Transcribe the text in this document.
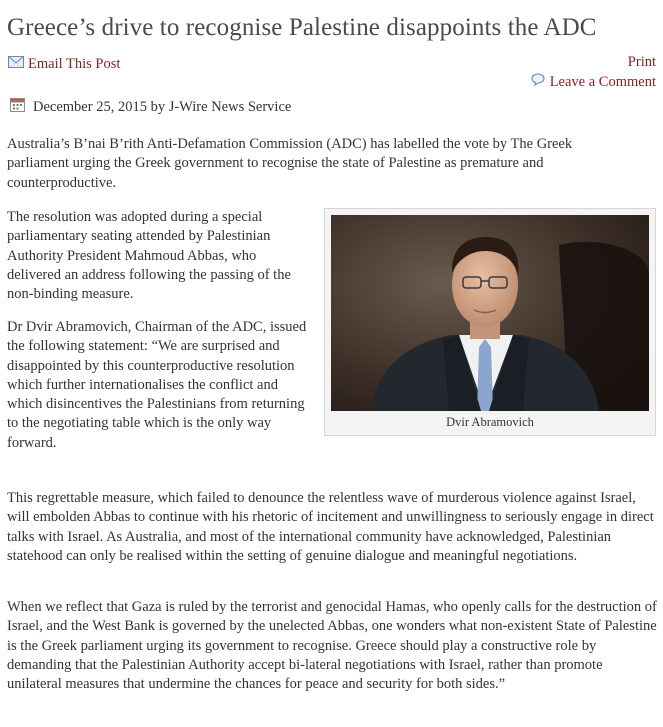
Greece’s drive to recognise Palestine disappoints the ADC
Email This Post	Print
Leave a Comment
December 25, 2015 by J-Wire News Service

Australia’s B’nai B’rith Anti-Defamation Commission (ADC) has labelled the vote by The Greek parliament urging the Greek government to recognise the state of Palestine as premature and counterproductive.

The resolution was adopted during a special parliamentary seating attended by Palestinian Authority President Mahmoud Abbas, who delivered an address following the passing of the non-binding measure.

Dr Dvir Abramovich, Chairman of the ADC, issued the following statement: “We are surprised and disappointed by this counterproductive resolution which further internationalises the conflict and which disincentives the Palestinians from returning to the negotiating table which is the only way forward.

Dvir Abramovich

This regrettable measure, which failed to denounce the relentless wave of murderous violence against Israel, will embolden Abbas to continue with his rhetoric of incitement and unwillingness to seriously engage in direct talks with Israel. As Australia, and most of the international community have acknowledged, Palestinian statehood can only be realised within the setting of genuine dialogue and meaningful negotiations.

When we reflect that Gaza is ruled by the terrorist and genocidal Hamas, who openly calls for the destruction of Israel, and the West Bank is governed by the unelected Abbas, one wonders what non-existent State of Palestine is the Greek parliament urging its government to recognise. Greece should play a constructive role by demanding that the Palestinian Authority accept bi-lateral negotiations with Israel, rather than promote unilateral measures that undermine the chances for peace and security for both sides.”
